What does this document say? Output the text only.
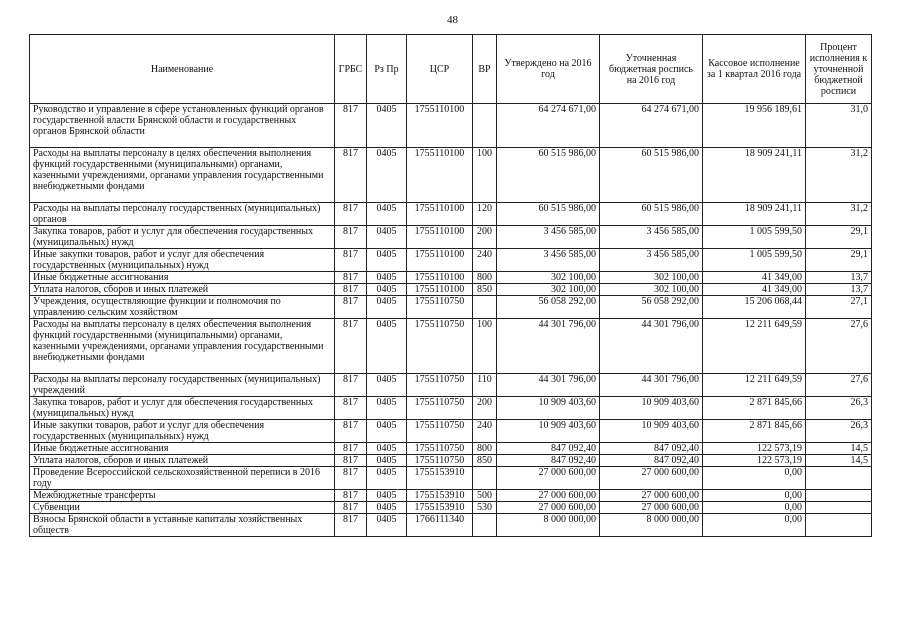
48
Наименование	ГРБС	Рз Пр	ЦСР	ВР	Утверждено на 2016 год	Уточненная бюджетная роспись на 2016 год	Кассовое исполнение за 1 квартал 2016 года	Процент исполнения к уточненной бюджетной росписи
Руководство и управление в сфере установленных функций органов государственной власти Брянской области и государственных органов Брянской области	817	0405	1755110100		64 274 671,00	64 274 671,00	19 956 189,61	31,0
Расходы на выплаты персоналу в целях обеспечения выполнения функций государственными (муниципальными) органами, казенными учреждениями, органами управления государственными внебюджетными фондами	817	0405	1755110100	100	60 515 986,00	60 515 986,00	18 909 241,11	31,2
Расходы на выплаты персоналу государственных (муниципальных) органов	817	0405	1755110100	120	60 515 986,00	60 515 986,00	18 909 241,11	31,2
Закупка товаров, работ и услуг для обеспечения государственных (муниципальных) нужд	817	0405	1755110100	200	3 456 585,00	3 456 585,00	1 005 599,50	29,1
Иные закупки товаров, работ и услуг для обеспечения государственных (муниципальных) нужд	817	0405	1755110100	240	3 456 585,00	3 456 585,00	1 005 599,50	29,1
Иные бюджетные ассигнования	817	0405	1755110100	800	302 100,00	302 100,00	41 349,00	13,7
Уплата налогов, сборов и иных платежей	817	0405	1755110100	850	302 100,00	302 100,00	41 349,00	13,7
Учреждения, осуществляющие функции и полномочия по управлению сельским хозяйством	817	0405	1755110750		56 058 292,00	56 058 292,00	15 206 068,44	27,1
Расходы на выплаты персоналу в целях обеспечения выполнения функций государственными (муниципальными) органами, казенными учреждениями, органами управления государственными внебюджетными фондами	817	0405	1755110750	100	44 301 796,00	44 301 796,00	12 211 649,59	27,6
Расходы на выплаты персоналу государственных (муниципальных) учреждений	817	0405	1755110750	110	44 301 796,00	44 301 796,00	12 211 649,59	27,6
Закупка товаров, работ и услуг для обеспечения государственных (муниципальных) нужд	817	0405	1755110750	200	10 909 403,60	10 909 403,60	2 871 845,66	26,3
Иные закупки товаров, работ и услуг для обеспечения государственных (муниципальных) нужд	817	0405	1755110750	240	10 909 403,60	10 909 403,60	2 871 845,66	26,3
Иные бюджетные ассигнования	817	0405	1755110750	800	847 092,40	847 092,40	122 573,19	14,5
Уплата налогов, сборов и иных платежей	817	0405	1755110750	850	847 092,40	847 092,40	122 573,19	14,5
Проведение Всероссийской сельскохозяйственной переписи в 2016 году	817	0405	1755153910		27 000 600,00	27 000 600,00	0,00	
Межбюджетные трансферты	817	0405	1755153910	500	27 000 600,00	27 000 600,00	0,00	
Субвенции	817	0405	1755153910	530	27 000 600,00	27 000 600,00	0,00	
Взносы Брянской области в уставные капиталы хозяйственных обществ	817	0405	1766111340		8 000 000,00	8 000 000,00	0,00	
